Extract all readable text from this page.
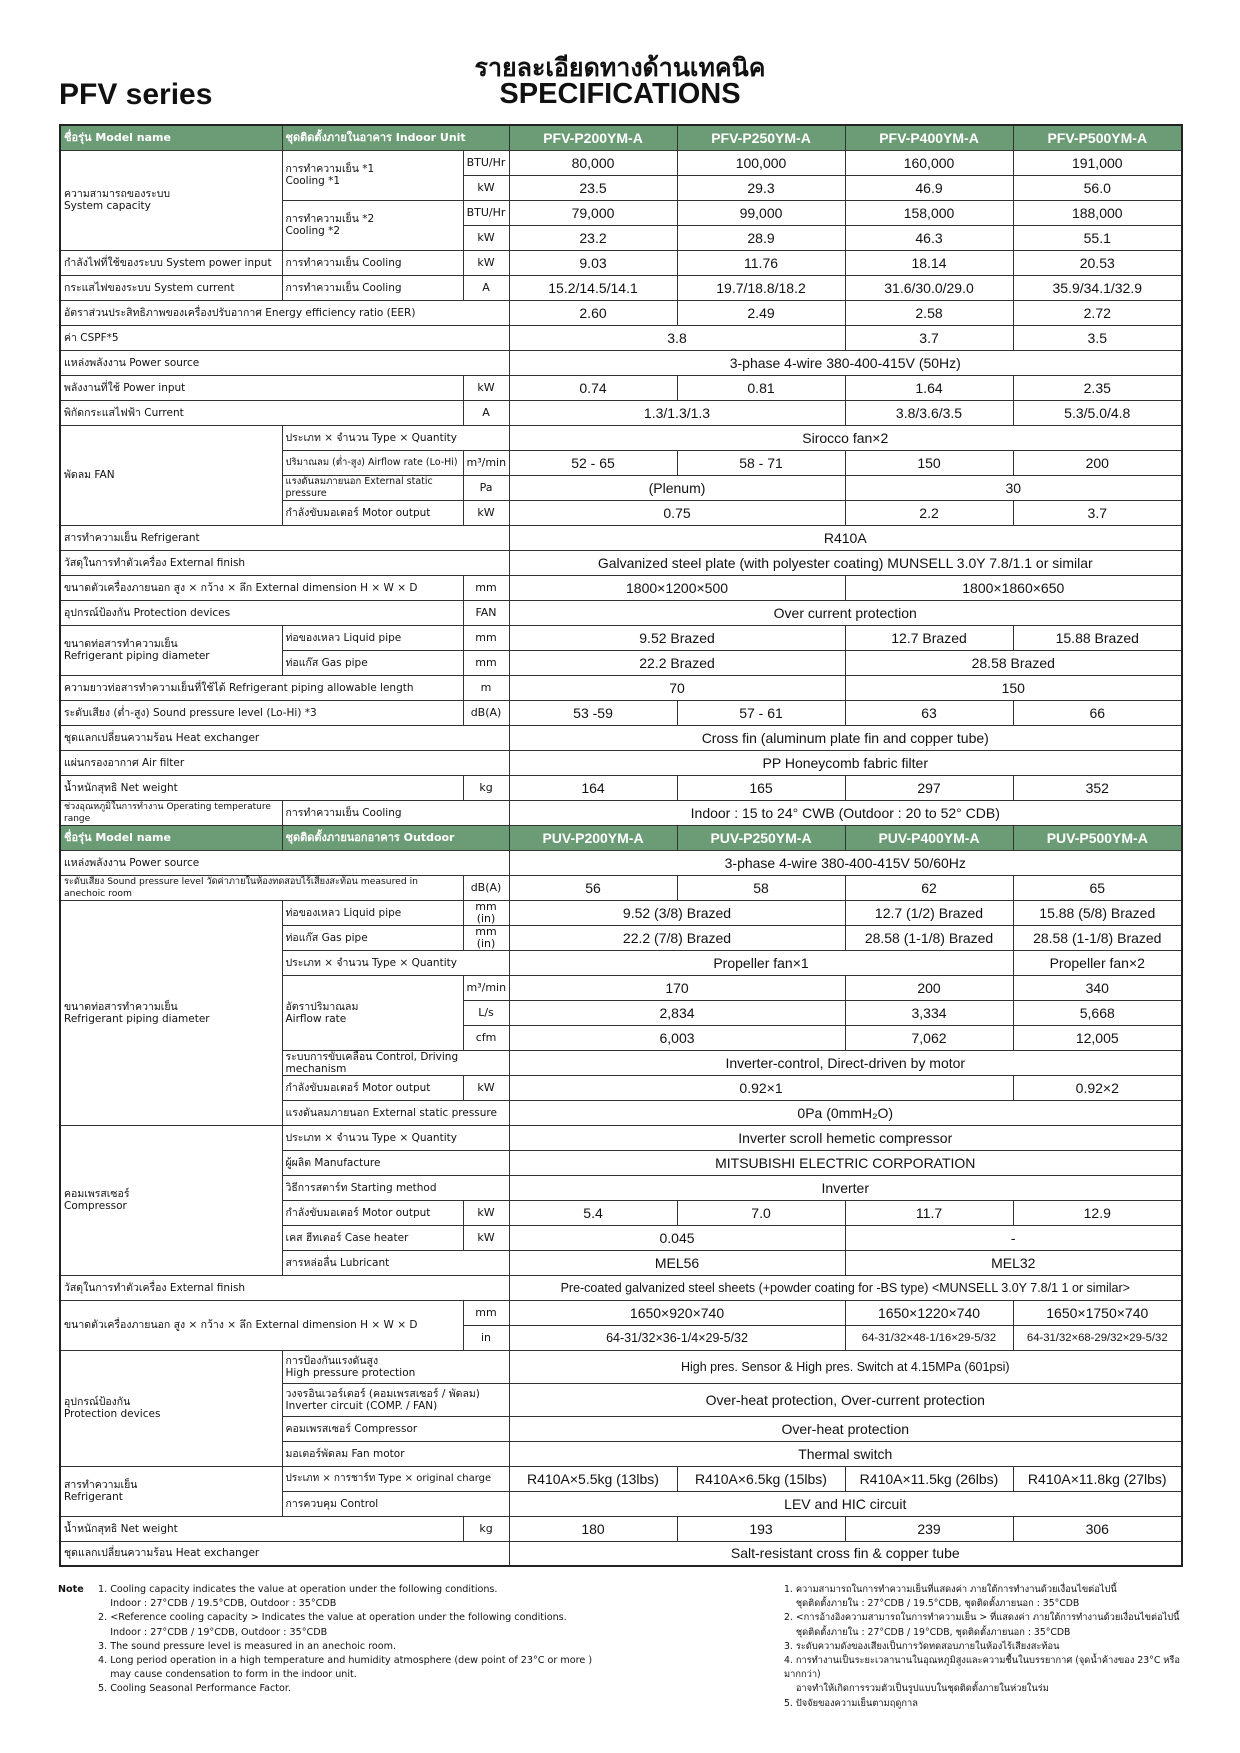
PFV series
รายละเอียดทางด้านเทคนิค
SPECIFICATIONS
ชื่อรุ่น Model name	ชุดติดตั้งภายในอาคาร Indoor Unit		PFV-P200YM-A	PFV-P250YM-A	PFV-P400YM-A	PFV-P500YM-A
ความสามารถของระบบ
System capacity	การทำความเย็น *1
Cooling *1	BTU/Hr	80,000	100,000	160,000	191,000
		kW	23.5	29.3	46.9	56.0
	การทำความเย็น *2
Cooling *2	BTU/Hr	79,000	99,000	158,000	188,000
		kW	23.2	28.9	46.3	55.1
กำลังไฟที่ใช้ของระบบ System power input	การทำความเย็น Cooling	kW	9.03	11.76	18.14	20.53
กระแสไฟของระบบ System current	การทำความเย็น Cooling	A	15.2/14.5/14.1	19.7/18.8/18.2	31.6/30.0/29.0	35.9/34.1/32.9
อัตราส่วนประสิทธิภาพของเครื่องปรับอากาศ Energy efficiency ratio (EER)			2.60	2.49	2.58	2.72
ค่า CSPF*5			3.8		3.7	3.5
แหล่งพลังงาน Power source			3-phase 4-wire 380-400-415V (50Hz)			
พลังงานที่ใช้ Power input		kW	0.74	0.81	1.64	2.35
พิกัดกระแสไฟฟ้า Current		A	1.3/1.3/1.3		3.8/3.6/3.5	5.3/5.0/4.8
พัดลม FAN	ประเภท × จำนวน Type × Quantity		Sirocco fan×2			
	ปริมาณลม (ต่ำ-สูง) Airflow rate (Lo-Hi)	m³/min	52 - 65	58 - 71	150	200
	แรงดันลมภายนอก External static pressure	Pa	(Plenum)		30	
	กำลังขับมอเตอร์ Motor output	kW	0.75		2.2	3.7
สารทำความเย็น Refrigerant			R410A			
วัสดุในการทำตัวเครื่อง External finish			Galvanized steel plate (with polyester coating) MUNSELL 3.0Y 7.8/1.1 or similar			
ขนาดตัวเครื่องภายนอก สูง × กว้าง × ลึก External dimension H × W × D		mm	1800×1200×500		1800×1860×650	
อุปกรณ์ป้องกัน Protection devices		FAN	Over current protection			
ขนาดท่อสารทำความเย็น
Refrigerant piping diameter	ท่อของเหลว Liquid pipe	mm	9.52 Brazed		12.7 Brazed	15.88 Brazed
	ท่อแก๊ส Gas pipe	mm	22.2 Brazed		28.58 Brazed	
ความยาวท่อสารทำความเย็นที่ใช้ได้ Refrigerant piping allowable length		m	70		150	
ระดับเสียง (ต่ำ-สูง) Sound pressure level (Lo-Hi) *3		dB(A)	53 -59	57 - 61	63	66
ชุดแลกเปลี่ยนความร้อน Heat exchanger			Cross fin (aluminum plate fin and copper tube)			
แผ่นกรองอากาศ Air filter			PP Honeycomb fabric filter			
น้ำหนักสุทธิ Net weight		kg	164	165	297	352
ช่วงอุณหภูมิในการทำงาน Operating temperature range	การทำความเย็น Cooling		Indoor : 15 to 24° CWB (Outdoor : 20 to 52° CDB)			
ชื่อรุ่น Model name	ชุดติดตั้งภายนอกอาคาร Outdoor		PUV-P200YM-A	PUV-P250YM-A	PUV-P400YM-A	PUV-P500YM-A
แหล่งพลังงาน Power source			3-phase 4-wire 380-400-415V 50/60Hz			
ระดับเสียง Sound pressure level วัดค่าภายในห้องทดสอบไร้เสียงสะท้อน measured in anechoic room		dB(A)	56	58	62	65
ขนาดท่อสารทำความเย็น
Refrigerant piping diameter	ท่อของเหลว Liquid pipe	mm (in)	9.52 (3/8) Brazed		12.7 (1/2) Brazed	15.88 (5/8) Brazed
	ท่อแก๊ส Gas pipe	mm (in)	22.2 (7/8) Brazed		28.58 (1-1/8) Brazed	28.58 (1-1/8) Brazed
	ประเภท × จำนวน Type × Quantity		Propeller fan×1			Propeller fan×2
	อัตราปริมาณลม
Airflow rate	m³/min	170		200	340
		L/s	2,834		3,334	5,668
		cfm	6,003		7,062	12,005
	ระบบการขับเคลื่อน Control, Driving mechanism		Inverter-control, Direct-driven by motor			
	กำลังขับมอเตอร์ Motor output	kW	0.92×1			0.92×2
	แรงดันลมภายนอก External static pressure		0Pa (0mmH₂O)			
คอมเพรสเซอร์
Compressor	ประเภท × จำนวน Type × Quantity		Inverter scroll hemetic compressor			
	ผู้ผลิต Manufacture		MITSUBISHI ELECTRIC CORPORATION			
	วิธีการสตาร์ท Starting method		Inverter			
	กำลังขับมอเตอร์ Motor output	kW	5.4	7.0	11.7	12.9
	เคส ฮีทเตอร์ Case heater	kW	0.045		-	
	สารหล่อลื่น Lubricant		MEL56		MEL32	
วัสดุในการทำตัวเครื่อง External finish			Pre-coated galvanized steel sheets (+powder coating for -BS type) <MUNSELL 3.0Y 7.8/1 1 or similar>			
ขนาดตัวเครื่องภายนอก สูง × กว้าง × ลึก External dimension H × W × D		mm	1650×920×740		1650×1220×740	1650×1750×740
		in	64-31/32×36-1/4×29-5/32		64-31/32×48-1/16×29-5/32	64-31/32×68-29/32×29-5/32
อุปกรณ์ป้องกัน
Protection devices	การป้องกันแรงดันสูง
High pressure protection		High pres. Sensor & High pres. Switch at 4.15MPa (601psi)			
	วงจรอินเวอร์เตอร์ (คอมเพรสเซอร์ / พัดลม)
Inverter circuit (COMP. / FAN)		Over-heat protection, Over-current protection			
	คอมเพรสเซอร์ Compressor		Over-heat protection			
	มอเตอร์พัดลม Fan motor		Thermal switch			
สารทำความเย็น
Refrigerant	ประเภท × การชาร์ท Type × original charge		R410A×5.5kg (13lbs)	R410A×6.5kg (15lbs)	R410A×11.5kg (26lbs)	R410A×11.8kg (27lbs)
	การควบคุม Control		LEV and HIC circuit			
น้ำหนักสุทธิ Net weight		kg	180	193	239	306
ชุดแลกเปลี่ยนความร้อน Heat exchanger			Salt-resistant cross fin & copper tube			
Note 1. Cooling capacity indicates the value at operation under the following conditions.
Indoor : 27°CDB / 19.5°CDB, Outdoor : 35°CDB
2. <Reference cooling capacity > Indicates the value at operation under the following conditions.
Indoor : 27°CDB / 19°CDB, Outdoor : 35°CDB
3. The sound pressure level is measured in an anechoic room.
4. Long period operation in a high temperature and humidity atmosphere (dew point of 23°C or more )
may cause condensation to form in the indoor unit.
5. Cooling Seasonal Performance Factor.
1. ความสามารถในการทำความเย็นที่แสดงค่า ภายใต้การทำงานด้วยเงื่อนไขต่อไปนี้
ชุดติดตั้งภายใน : 27°CDB / 19.5°CDB, ชุดติดตั้งภายนอก : 35°CDB
2. <การอ้างอิงความสามารถในการทำความเย็น > ที่แสดงค่า ภายใต้การทำงานด้วยเงื่อนไขต่อไปนี้
ชุดติดตั้งภายใน : 27°CDB / 19°CDB, ชุดติดตั้งภายนอก : 35°CDB
3. ระดับความดังของเสียงเป็นการวัดทดสอบภายในห้องไร้เสียงสะท้อน
4. การทำงานเป็นระยะเวลานานในอุณหภูมิสูงและความชื้นในบรรยากาศ (จุดน้ำค้างของ 23°C หรือมากกว่า)
อาจทำให้เกิดการรวมตัวเป็นรูปแบบในชุดติดตั้งภายในห่วยในร่ม
5. ปัจจัยของความเย็นตามฤดูกาล
